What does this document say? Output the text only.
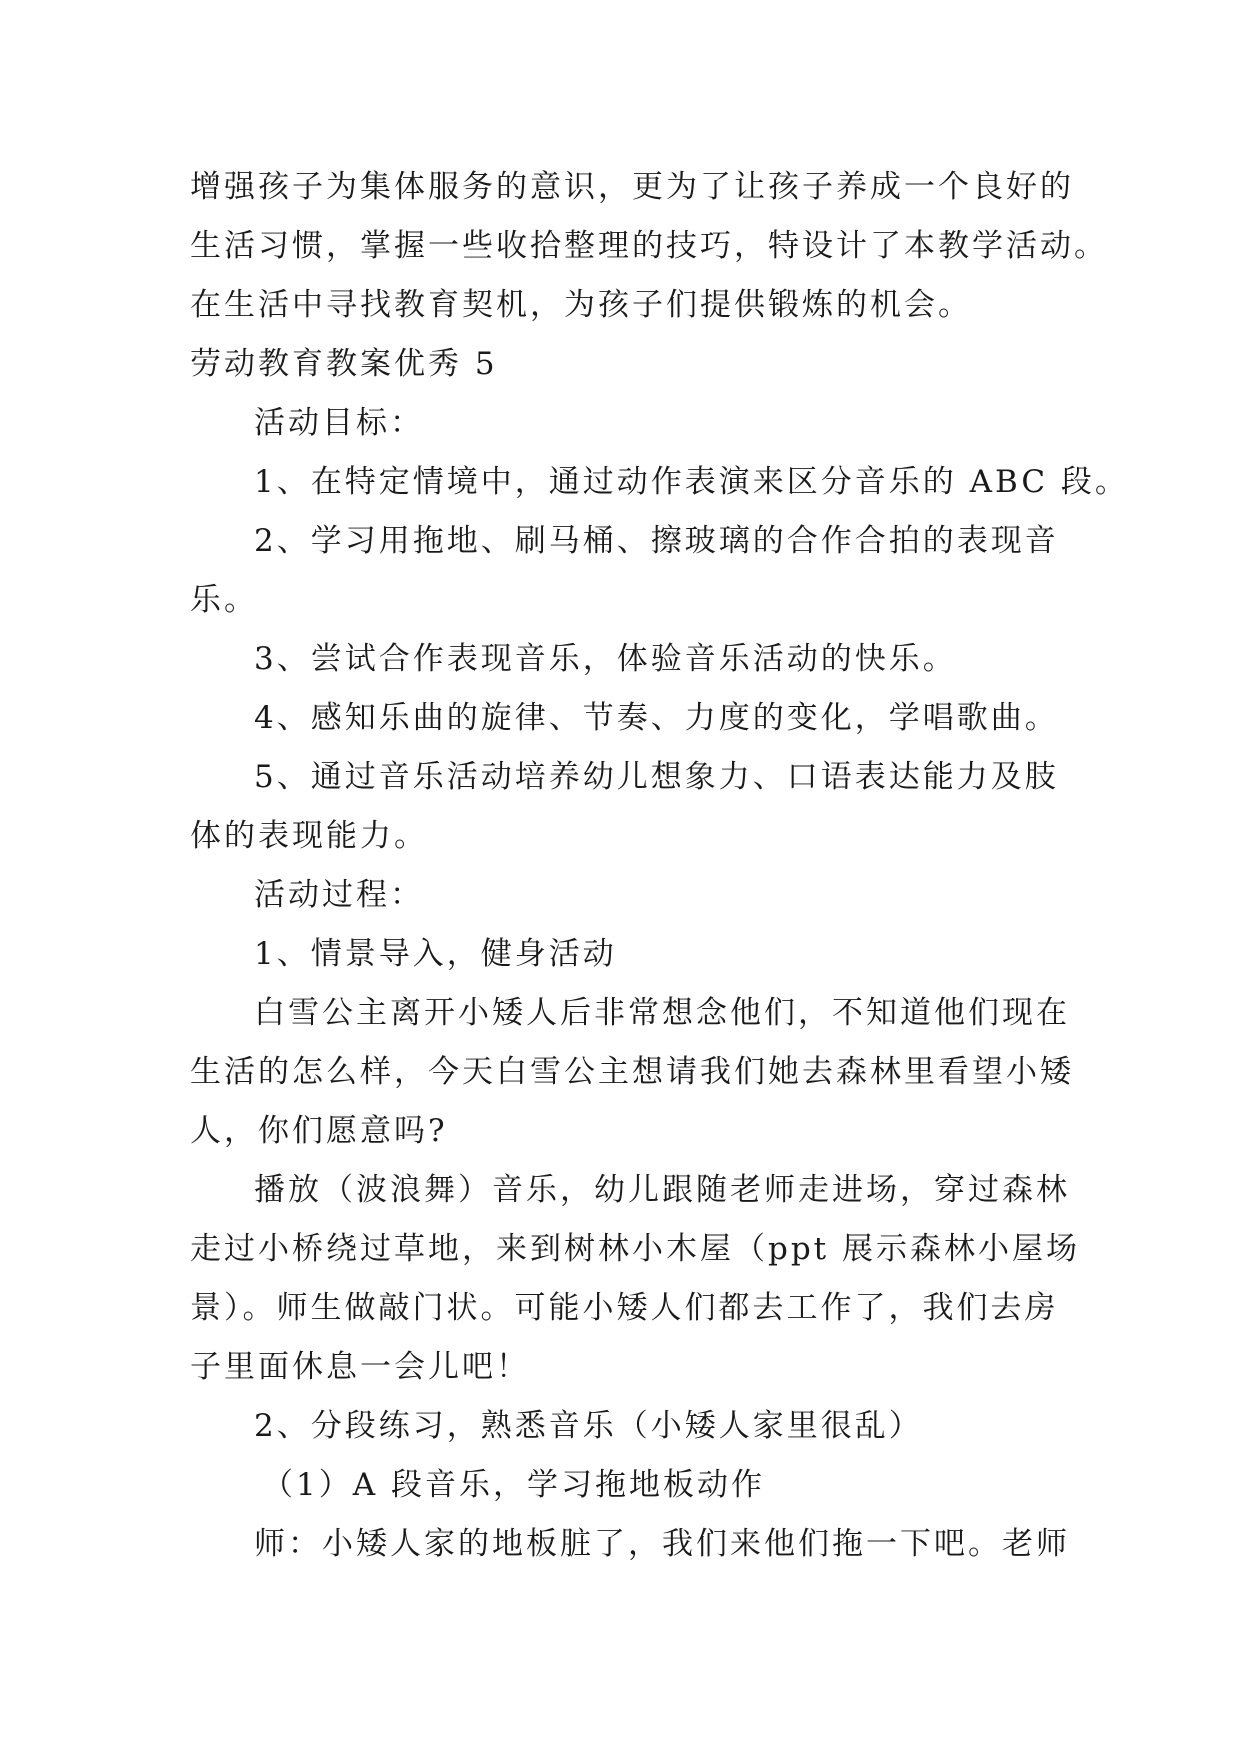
增强孩子为集体服务的意识，更为了让孩子养成一个良好的
生活习惯，掌握一些收拾整理的技巧，特设计了本教学活动。
在生活中寻找教育契机，为孩子们提供锻炼的机会。
劳动教育教案优秀 5
活动目标：
1、在特定情境中，通过动作表演来区分音乐的 ABC 段。
2、学习用拖地、刷马桶、擦玻璃的合作合拍的表现音
乐。
3、尝试合作表现音乐，体验音乐活动的快乐。
4、感知乐曲的旋律、节奏、力度的变化，学唱歌曲。
5、通过音乐活动培养幼儿想象力、口语表达能力及肢
体的表现能力。
活动过程：
1、情景导入，健身活动
白雪公主离开小矮人后非常想念他们，不知道他们现在
生活的怎么样，今天白雪公主想请我们她去森林里看望小矮
人，你们愿意吗?
播放（波浪舞）音乐，幼儿跟随老师走进场，穿过森林
走过小桥绕过草地，来到树林小木屋（ppt 展示森林小屋场
景）。师生做敲门状。可能小矮人们都去工作了，我们去房
子里面休息一会儿吧！
2、分段练习，熟悉音乐（小矮人家里很乱）
（1）A 段音乐，学习拖地板动作
师：小矮人家的地板脏了，我们来他们拖一下吧。老师
